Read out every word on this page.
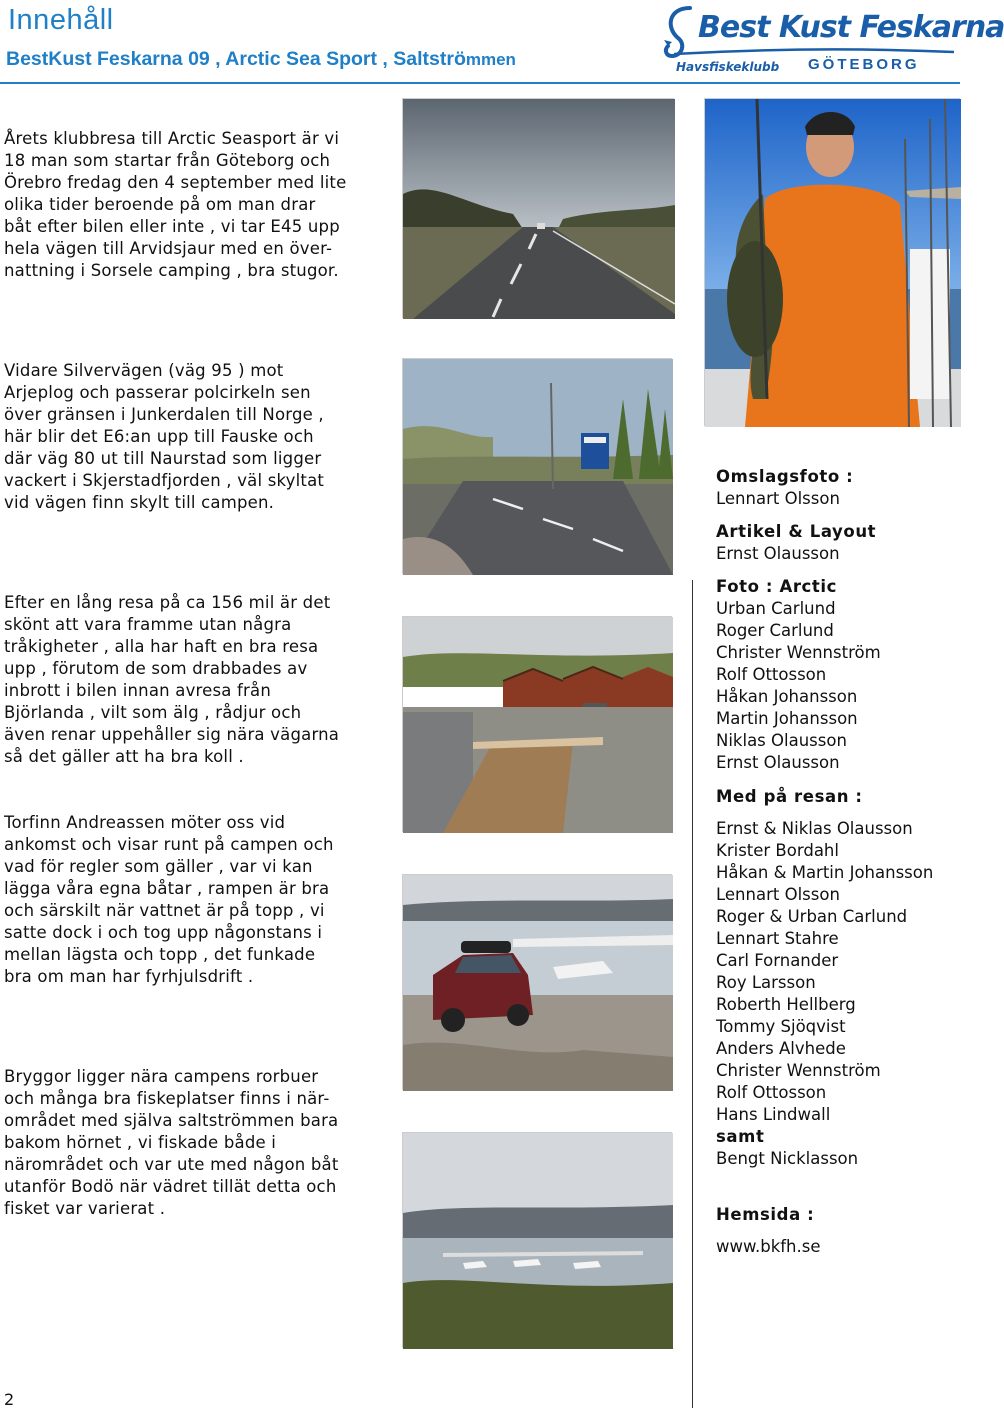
Innehåll
BestKust Feskarna 09 , Arctic Sea Sport , Saltströmmen
Best Kust Feskarna
Havsfiskeklubb GÖTEBORG
Årets klubbresa till Arctic Seasport är vi
18 man som startar från Göteborg och
Örebro fredag den 4 september med lite
olika tider beroende på om man drar
båt efter bilen eller inte , vi tar E45 upp
hela vägen till Arvidsjaur med en över-
nattning i Sorsele camping , bra stugor.
Vidare Silvervägen (väg 95 ) mot
Arjeplog och passerar polcirkeln sen
över gränsen i Junkerdalen till Norge ,
här blir det E6:an upp till Fauske och
där väg 80 ut till Naurstad som ligger
vackert i Skjerstadfjorden , väl skyltat
vid vägen finn skylt till campen.
Efter en lång resa på ca 156 mil är det
skönt att vara framme utan några
tråkigheter , alla har haft en bra resa
upp , förutom de som drabbades av
inbrott i bilen innan avresa från
Björlanda , vilt som älg , rådjur och
även renar uppehåller sig nära vägarna
så det gäller att ha bra koll .
Torfinn Andreassen möter oss vid
ankomst och visar runt på campen och
vad för regler som gäller , var vi kan
lägga våra egna båtar , rampen är bra
och särskilt när vattnet är på topp , vi
satte dock i och tog upp någonstans i
mellan lägsta och topp , det funkade
bra om man har fyrhjulsdrift .
Bryggor ligger nära campens rorbuer
och många bra fiskeplatser finns i när-
området med själva saltströmmen bara
bakom hörnet , vi fiskade både i
närområdet och var ute med någon båt
utanför Bodö när vädret tillät detta och
fisket var varierat .
Omslagsfoto :
Lennart Olsson
Artikel & Layout
Ernst Olausson
Foto : Arctic
Urban Carlund
Roger Carlund
Christer Wennström
Rolf Ottosson
Håkan Johansson
Martin Johansson
Niklas Olausson
Ernst Olausson
Med på resan :
Ernst & Niklas Olausson
Krister Bordahl
Håkan & Martin Johansson
Lennart Olsson
Roger & Urban Carlund
Lennart Stahre
Carl Fornander
Roy Larsson
Roberth Hellberg
Tommy Sjöqvist
Anders Alvhede
Christer Wennström
Rolf Ottosson
Hans Lindwall
samt
Bengt Nicklasson
Hemsida :
www.bkfh.se
2
